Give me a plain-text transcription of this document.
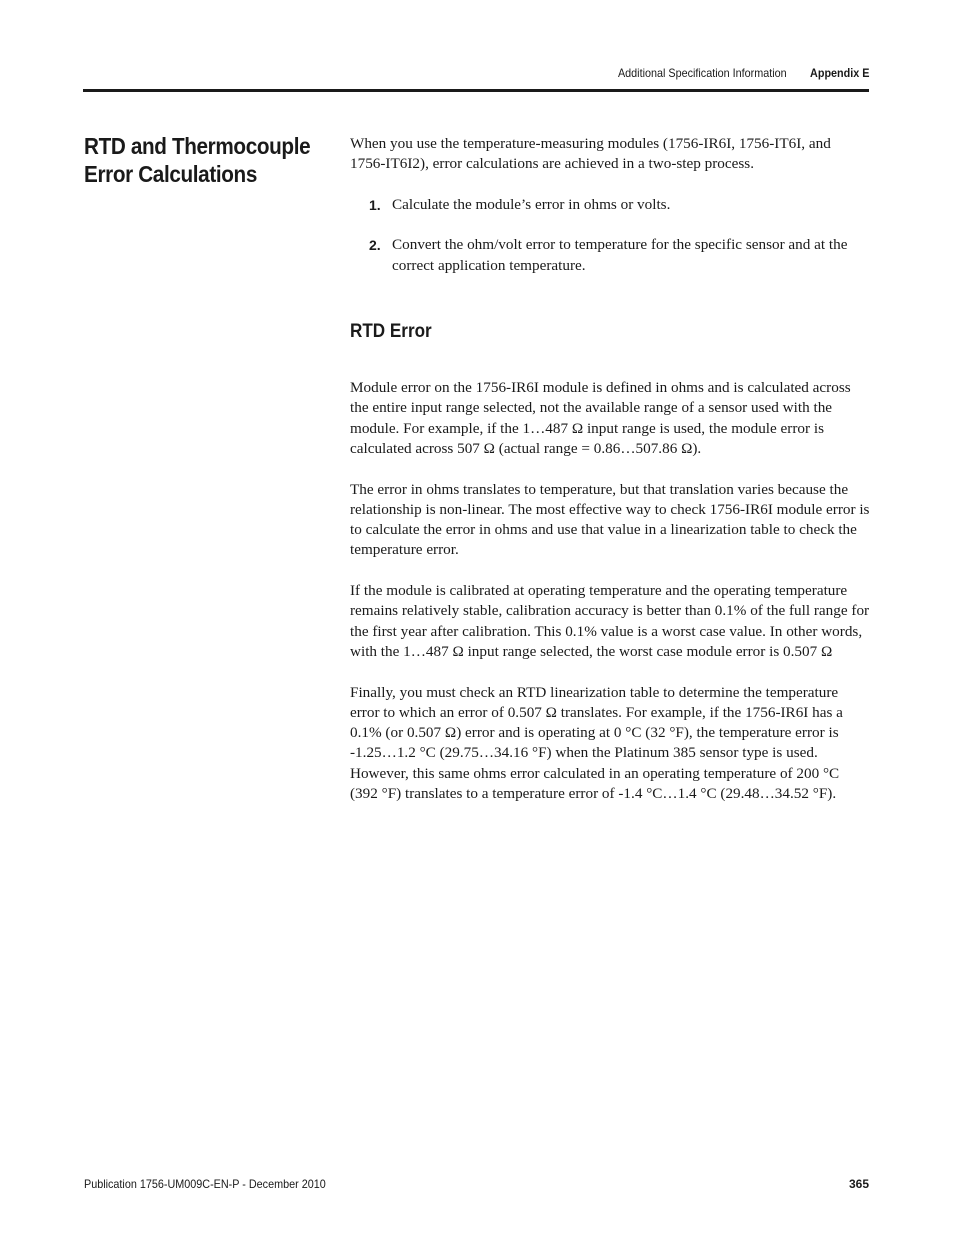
Additional Specification Information Appendix E
RTD and Thermocouple Error Calculations

When you use the temperature-measuring modules (1756-IR6I, 1756-IT6I, and 1756-IT6I2), error calculations are achieved in a two-step process.

1. Calculate the module’s error in ohms or volts.
2. Convert the ohm/volt error to temperature for the specific sensor and at the correct application temperature.
RTD Error

Module error on the 1756-IR6I module is defined in ohms and is calculated across the entire input range selected, not the available range of a sensor used with the module. For example, if the 1…487 Ω input range is used, the module error is calculated across 507 Ω (actual range = 0.86…507.86 Ω).

The error in ohms translates to temperature, but that translation varies because the relationship is non-linear. The most effective way to check 1756-IR6I module error is to calculate the error in ohms and use that value in a linearization table to check the temperature error.

If the module is calibrated at operating temperature and the operating temperature remains relatively stable, calibration accuracy is better than 0.1% of the full range for the first year after calibration. This 0.1% value is a worst case value. In other words, with the 1…487 Ω input range selected, the worst case module error is 0.507 Ω

Finally, you must check an RTD linearization table to determine the temperature error to which an error of 0.507 Ω translates. For example, if the 1756-IR6I has a 0.1% (or 0.507 Ω) error and is operating at 0 °C (32 °F), the temperature error is -1.25…1.2 °C (29.75…34.16 °F) when the Platinum 385 sensor type is used. However, this same ohms error calculated in an operating temperature of 200 °C (392 °F) translates to a temperature error of -1.4 °C…1.4 °C (29.48…34.52 °F).

Publication 1756-UM009C-EN-P - December 2010	365
